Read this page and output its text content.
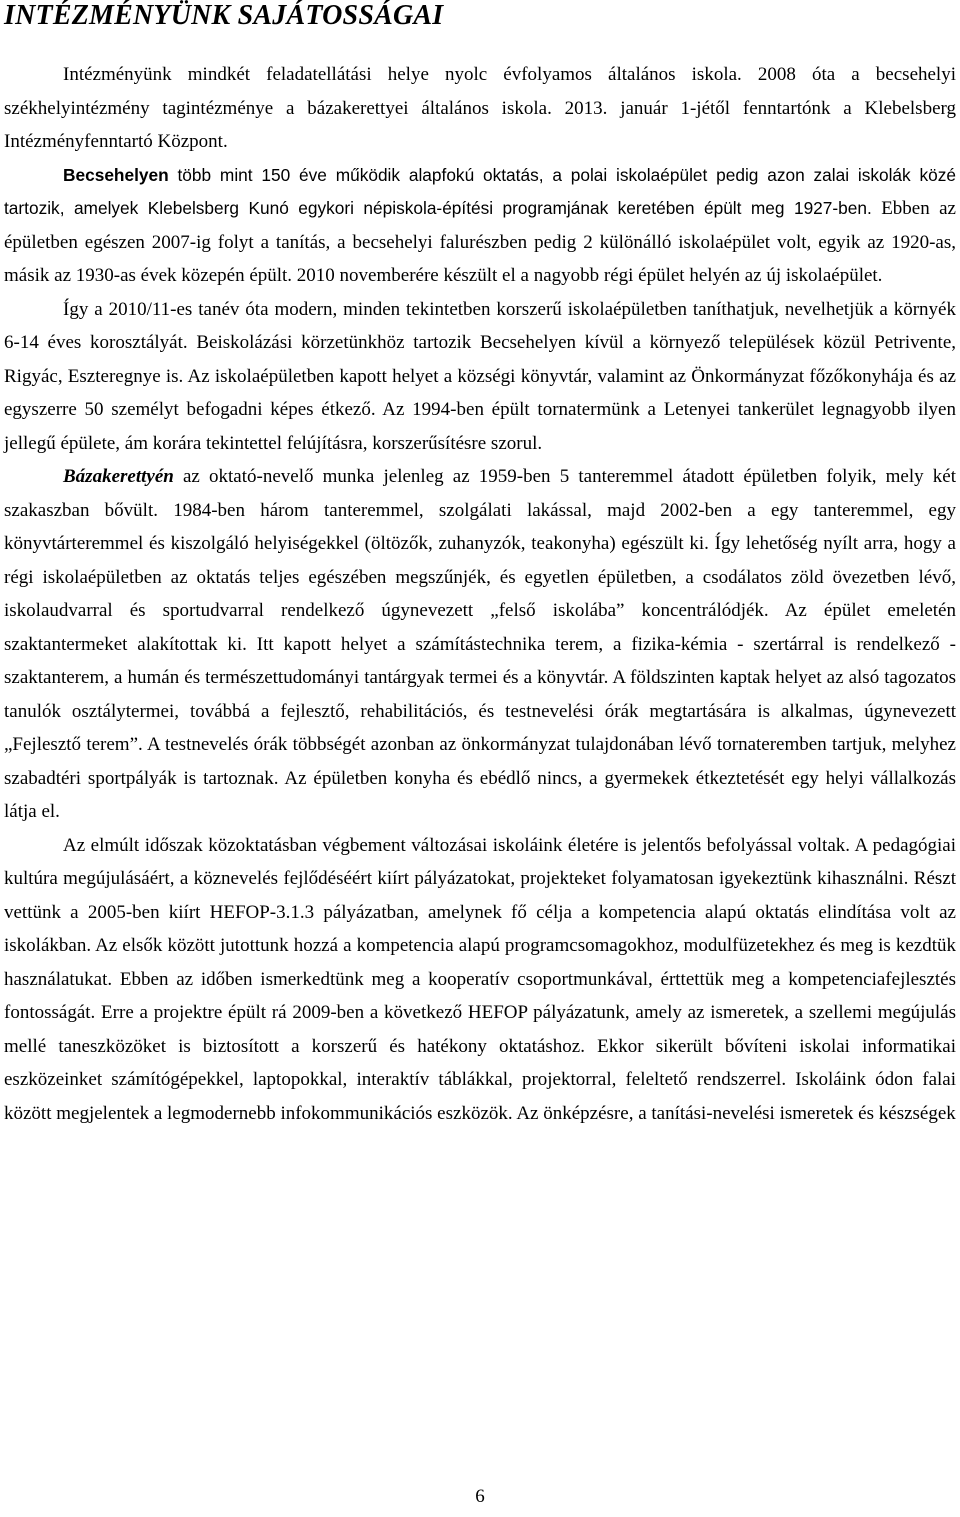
INTÉZMÉNYÜNK SAJÁTOSSÁGAI

Intézményünk mindkét feladatellátási helye nyolc évfolyamos általános iskola. 2008 óta a becsehelyi székhelyintézmény tagintézménye a bázakerettyei általános iskola. 2013. január 1-jétől fenntartónk a Klebelsberg Intézményfenntartó Központ.

Becsehelyen több mint 150 éve működik alapfokú oktatás, a polai iskolaépület pedig azon zalai iskolák közé tartozik, amelyek Klebelsberg Kunó egykori népiskola-építési programjának keretében épült meg 1927-ben. Ebben az épületben egészen 2007-ig folyt a tanítás, a becsehelyi falurészben pedig 2 különálló iskolaépület volt, egyik az 1920-as, másik az 1930-as évek közepén épült. 2010 novemberére készült el a nagyobb régi épület helyén az új iskolaépület.

Így a 2010/11-es tanév óta modern, minden tekintetben korszerű iskolaépületben taníthatjuk, nevelhetjük a környék 6-14 éves korosztályát. Beiskolázási körzetünkhöz tartozik Becsehelyen kívül a környező települések közül Petrivente, Rigyác, Eszteregnye is. Az iskolaépületben kapott helyet a községi könyvtár, valamint az Önkormányzat főzőkonyhája és az egyszerre 50 személyt befogadni képes étkező. Az 1994-ben épült tornatermünk a Letenyei tankerület legnagyobb ilyen jellegű épülete, ám korára tekintettel felújításra, korszerűsítésre szorul.

Bázakerettyén az oktató-nevelő munka jelenleg az 1959-ben 5 tanteremmel átadott épületben folyik, mely két szakaszban bővült. 1984-ben három tanteremmel, szolgálati lakással, majd 2002-ben a egy tanteremmel, egy könyvtárteremmel és kiszolgáló helyiségekkel (öltözők, zuhanyzók, teakonyha) egészült ki. Így lehetőség nyílt arra, hogy a régi iskolaépületben az oktatás teljes egészében megszűnjék, és egyetlen épületben, a csodálatos zöld övezetben lévő, iskolaudvarral és sportudvarral rendelkező úgynevezett „felső iskolába” koncentrálódjék. Az épület emeletén szaktantermeket alakítottak ki. Itt kapott helyet a számítástechnika terem, a fizika-kémia - szertárral is rendelkező - szaktanterem, a humán és természettudományi tantárgyak termei és a könyvtár. A földszinten kaptak helyet az alsó tagozatos tanulók osztálytermei, továbbá a fejlesztő, rehabilitációs, és testnevelési órák megtartására is alkalmas, úgynevezett „Fejlesztő terem”. A testnevelés órák többségét azonban az önkormányzat tulajdonában lévő tornateremben tartjuk, melyhez szabadtéri sportpályák is tartoznak. Az épületben konyha és ebédlő nincs, a gyermekek étkeztetését egy helyi vállalkozás látja el.

Az elmúlt időszak közoktatásban végbement változásai iskoláink életére is jelentős befolyással voltak. A pedagógiai kultúra megújulásáért, a köznevelés fejlődéséért kiírt pályázatokat, projekteket folyamatosan igyekeztünk kihasználni. Részt vettünk a 2005-ben kiírt HEFOP-3.1.3 pályázatban, amelynek fő célja a kompetencia alapú oktatás elindítása volt az iskolákban. Az elsők között jutottunk hozzá a kompetencia alapú programcsomagokhoz, modulfüzetekhez és meg is kezdtük használatukat. Ebben az időben ismerkedtünk meg a kooperatív csoportmunkával, érttettük meg a kompetenciafejlesztés fontosságát. Erre a projektre épült rá 2009-ben a következő HEFOP pályázatunk, amely az ismeretek, a szellemi megújulás mellé taneszközöket is biztosított a korszerű és hatékony oktatáshoz. Ekkor sikerült bővíteni iskolai informatikai eszközeinket számítógépekkel, laptopokkal, interaktív táblákkal, projektorral, feleltető rendszerrel. Iskoláink ódon falai között megjelentek a legmodernebb infokommunikációs eszközök. Az önképzésre, a tanítási-nevelési ismeretek és készségek

6
